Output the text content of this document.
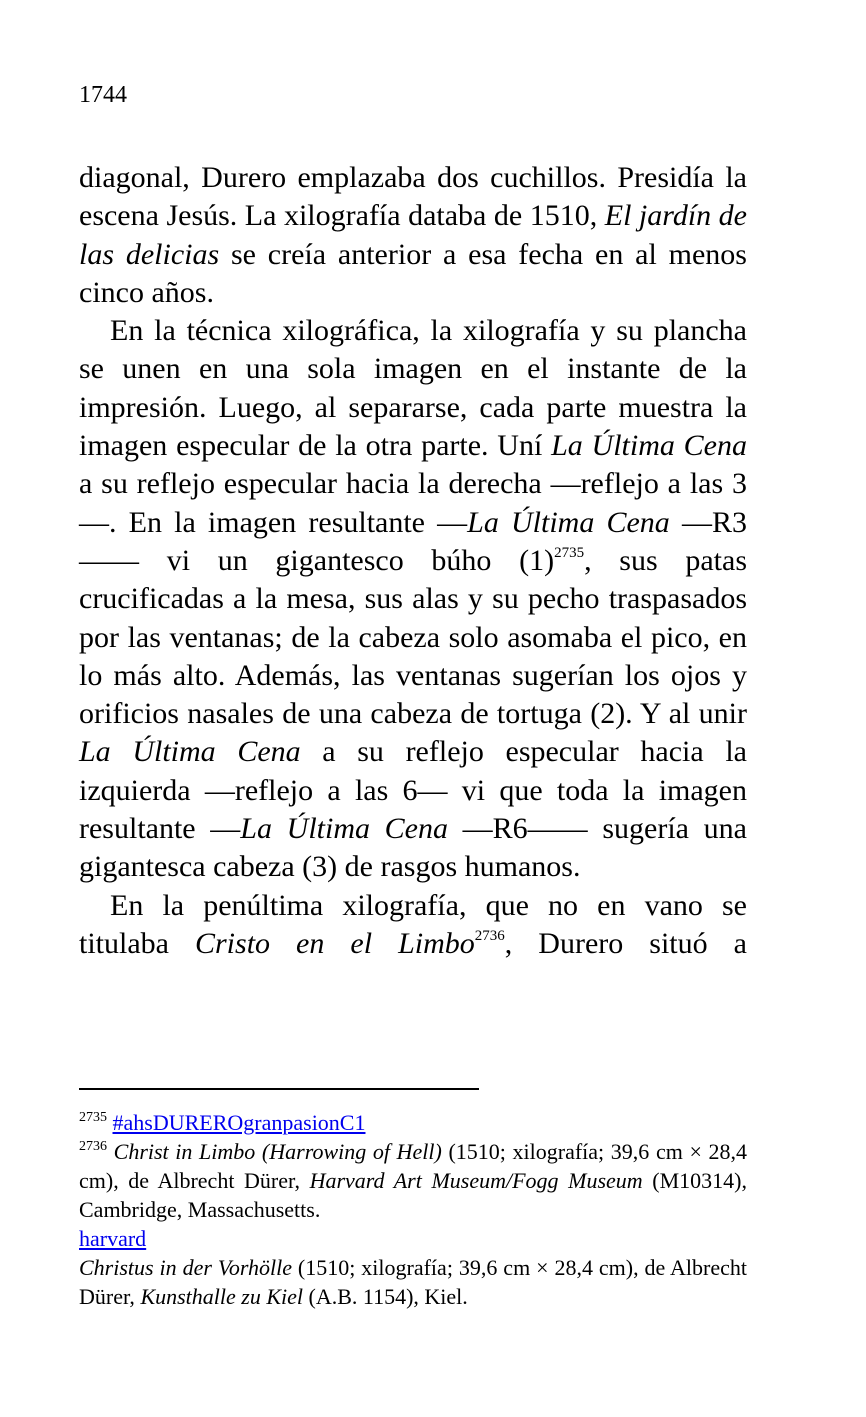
1744

diagonal, Durero emplazaba dos cuchillos. Presidía la escena Jesús. La xilografía databa de 1510, El jardín de las delicias se creía anterior a esa fecha en al menos cinco años.

En la técnica xilográfica, la xilografía y su plancha se unen en una sola imagen en el instante de la impresión. Luego, al separarse, cada parte muestra la imagen especular de la otra parte. Uní La Última Cena a su reflejo especular hacia la derecha —reflejo a las 3—. En la imagen resultante —La Última Cena —R3—— vi un gigantesco búho $(1)^{2735}$, sus patas crucificadas a la mesa, sus alas y su pecho traspasados por las ventanas; de la cabeza solo asomaba el pico, en lo más alto. Además, las ventanas sugerían los ojos y orificios nasales de una cabeza de tortuga (2). Y al unir La Última Cena a su reflejo especular hacia la izquierda —reflejo a las 6— vi que toda la imagen resultante —La Última Cena —R6—— sugería una gigantesca cabeza (3) de rasgos humanos.

En la penúltima xilografía, que no en vano se titulaba Cristo en el Limbo$^{2736}$, Durero situó a

$^{2735}$ #ahsDUREROgranpasionC1

$^{2736}$ Christ in Limbo (Harrowing of Hell) (1510; xilografía; 39,6 cm × 28,4 cm), de Albrecht Dürer, Harvard Art Museum/Fogg Museum (M10314), Cambridge, Massachusetts.

harvard

Christus in der Vorhölle (1510; xilografía; 39,6 cm × 28,4 cm), de Albrecht Dürer, Kunsthalle zu Kiel (A.B. 1154), Kiel.
